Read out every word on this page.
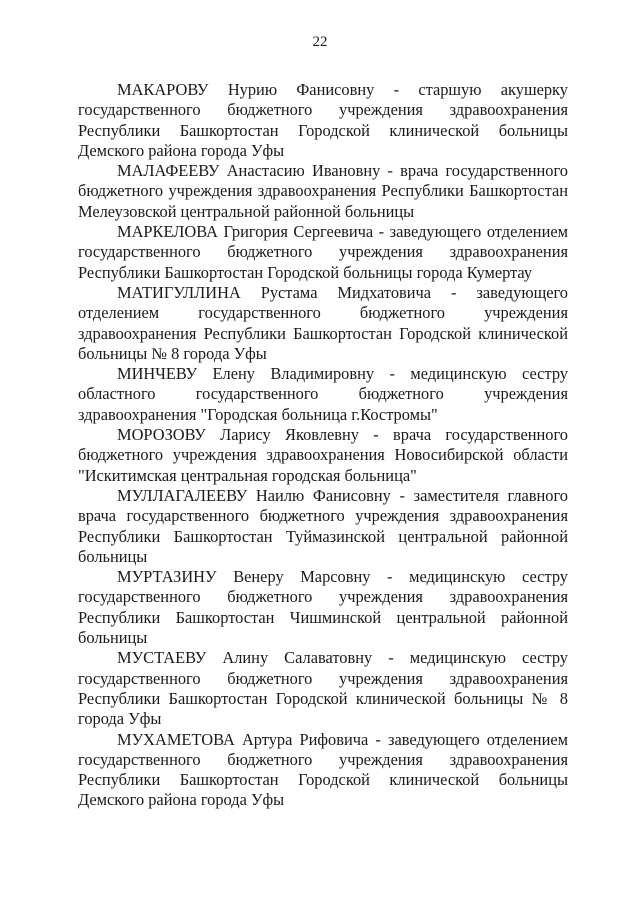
22

МАКАРОВУ Нурию Фанисовну - старшую акушерку государственного бюджетного учреждения здравоохранения Республики Башкортостан Городской клинической больницы Демского района города Уфы

МАЛАФЕЕВУ Анастасию Ивановну - врача государственного бюджетного учреждения здравоохранения Республики Башкортостан Мелеузовской центральной районной больницы

МАРКЕЛОВА Григория Сергеевича - заведующего отделением государственного бюджетного учреждения здравоохранения Республики Башкортостан Городской больницы города Кумертау

МАТИГУЛЛИНА Рустама Мидхатовича - заведующего отделением государственного бюджетного учреждения здравоохранения Республики Башкортостан Городской клинической больницы № 8 города Уфы

МИНЧЕВУ Елену Владимировну - медицинскую сестру областного государственного бюджетного учреждения здравоохранения "Городская больница г.Костромы"

МОРОЗОВУ Ларису Яковлевну - врача государственного бюджетного учреждения здравоохранения Новосибирской области "Искитимская центральная городская больница"

МУЛЛАГАЛЕЕВУ Наилю Фанисовну - заместителя главного врача государственного бюджетного учреждения здравоохранения Республики Башкортостан Туймазинской центральной районной больницы

МУРТАЗИНУ Венеру Марсовну - медицинскую сестру государственного бюджетного учреждения здравоохранения Республики Башкортостан Чишминской центральной районной больницы

МУСТАЕВУ Алину Салаватовну - медицинскую сестру государственного бюджетного учреждения здравоохранения Республики Башкортостан Городской клинической больницы № 8 города Уфы

МУХАМЕТОВА Артура Рифовича - заведующего отделением государственного бюджетного учреждения здравоохранения Республики Башкортостан Городской клинической больницы Демского района города Уфы
